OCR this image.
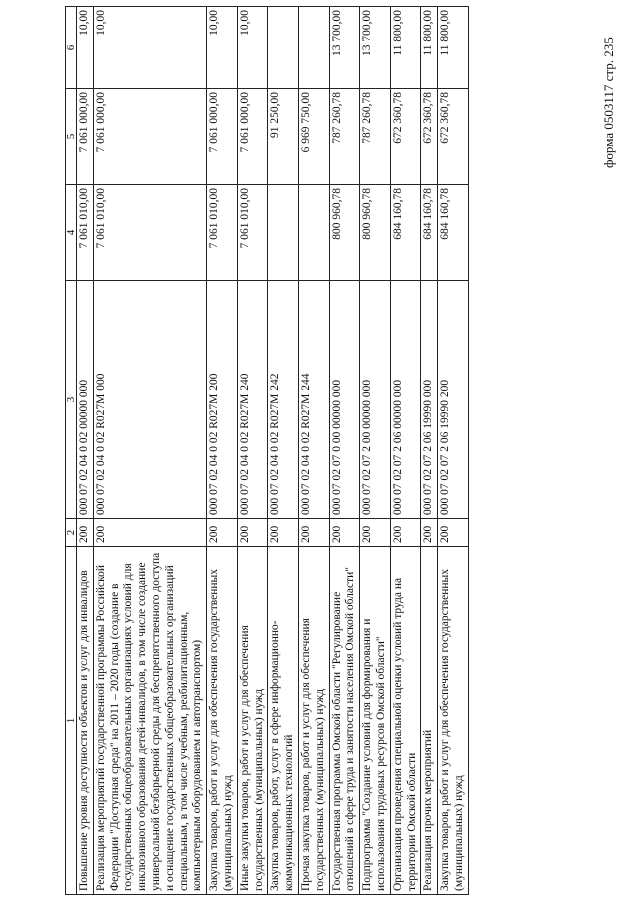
форма 0503117 стр. 235
1	2	3	4	5	6
Повышение уровня доступности объектов и услуг для инвалидов	200	000 07 02 04 0 02 00000 000	7 061 010,00	7 061 000,00	10,00
Реализация мероприятий государственной программы Российской Федерации "Доступная среда" на 2011 – 2020 годы (создание в государственных общеобразовательных организациях условий для инклюзивного образования детей-инвалидов, в том числе создание универсальной безбарьерной среды для беспрепятственного доступа и оснащение государственных общеобразовательных организаций специальным, в том числе учебным, реабилитационным, компьютерным оборудованием и автотранспортом)	200	000 07 02 04 0 02 R027M 000	7 061 010,00	7 061 000,00	10,00
Закупка товаров, работ и услуг для обеспечения государственных (муниципальных) нужд	200	000 07 02 04 0 02 R027M 200	7 061 010,00	7 061 000,00	10,00
Иные закупки товаров, работ и услуг для обеспечения государственных (муниципальных) нужд	200	000 07 02 04 0 02 R027M 240	7 061 010,00	7 061 000,00	10,00
Закупка товаров, работ, услуг в сфере информационно-коммуникационных технологий	200	000 07 02 04 0 02 R027M 242		91 250,00	
Прочая закупка товаров, работ и услуг для обеспечения государственных (муниципальных) нужд	200	000 07 02 04 0 02 R027M 244		6 969 750,00	
Государственная программа Омской области "Регулирование отношений в сфере труда и занятости населения Омской области"	200	000 07 02 07 0 00 00000 000	800 960,78	787 260,78	13 700,00
Подпрограмма "Создание условий для формирования и использования трудовых ресурсов Омской области"	200	000 07 02 07 2 00 00000 000	800 960,78	787 260,78	13 700,00
Организация проведения специальной оценки условий труда на территории Омской области	200	000 07 02 07 2 06 00000 000	684 160,78	672 360,78	11 800,00
Реализация прочих мероприятий	200	000 07 02 07 2 06 19990 000	684 160,78	672 360,78	11 800,00
Закупка товаров, работ и услуг для обеспечения государственных (муниципальных) нужд	200	000 07 02 07 2 06 19990 200	684 160,78	672 360,78	11 800,00
